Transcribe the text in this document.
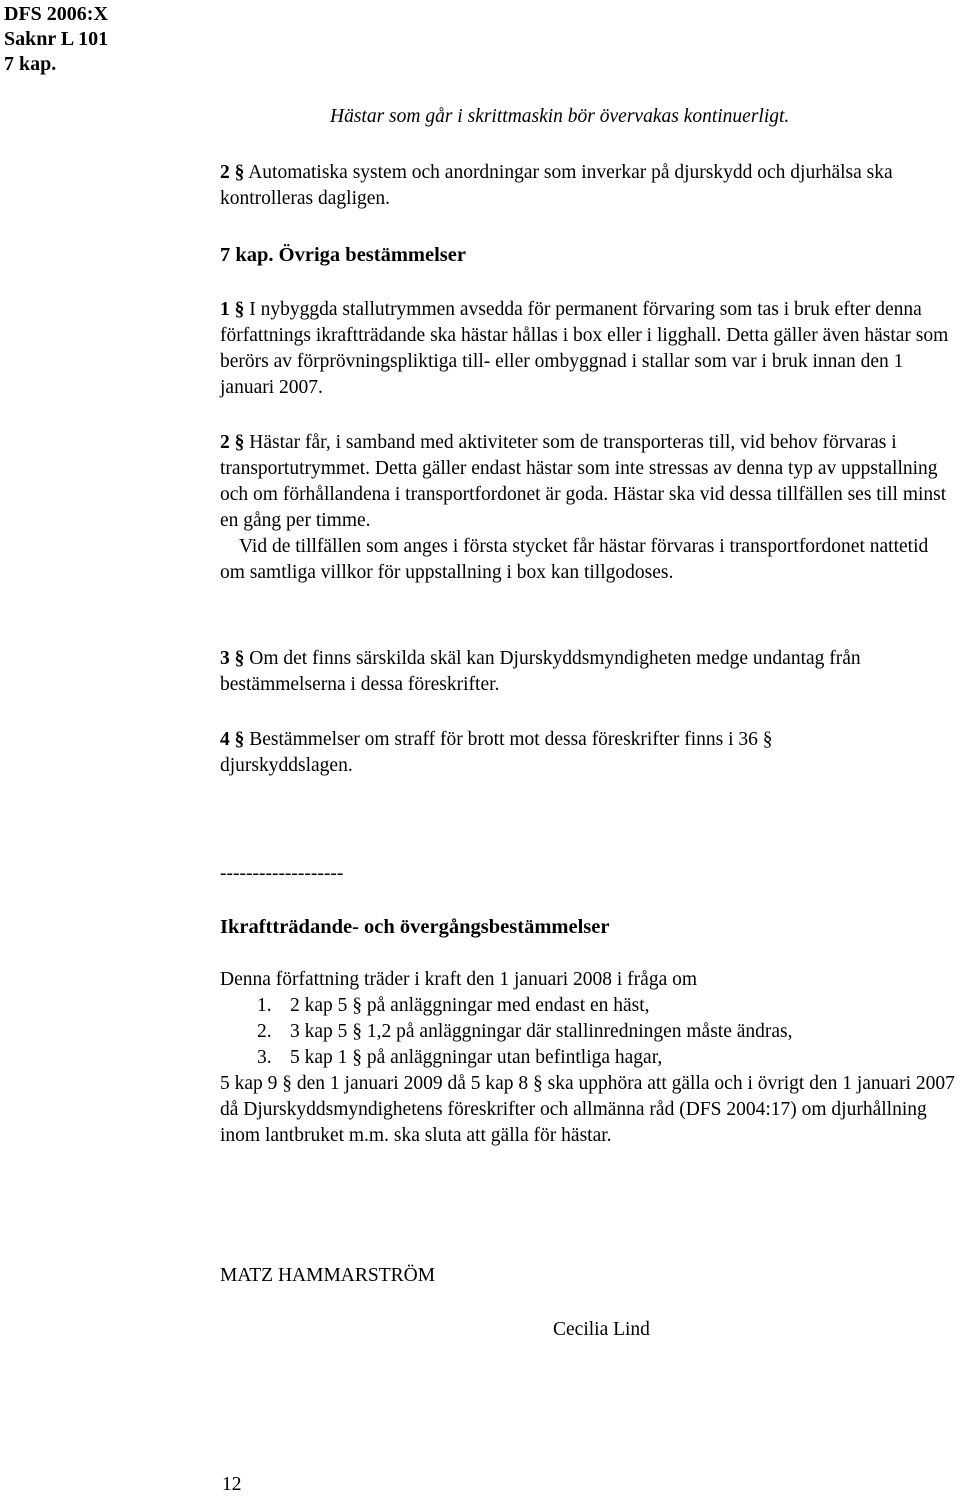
DFS 2006:X
Saknr L 101
7 kap.

Hästar som går i skrittmaskin bör övervakas kontinuerligt.

2 § Automatiska system och anordningar som inverkar på djurskydd och djurhälsa ska kontrolleras dagligen.

7 kap. Övriga bestämmelser

1 § I nybyggda stallutrymmen avsedda för permanent förvaring som tas i bruk efter denna författnings ikraftträdande ska hästar hållas i box eller i ligghall. Detta gäller även hästar som berörs av förprövningspliktiga till- eller ombyggnad i stallar som var i bruk innan den 1 januari 2007.

2 § Hästar får, i samband med aktiviteter som de transporteras till, vid behov förvaras i transportutrymmet. Detta gäller endast hästar som inte stressas av denna typ av uppstallning och om förhållandena i transportfordonet är goda. Hästar ska vid dessa tillfällen ses till minst en gång per timme.

Vid de tillfällen som anges i första stycket får hästar förvaras i transportfordonet nattetid om samtliga villkor för uppstallning i box kan tillgodoses.

3 § Om det finns särskilda skäl kan Djurskyddsmyndigheten medge undantag från bestämmelserna i dessa föreskrifter.

4 § Bestämmelser om straff för brott mot dessa föreskrifter finns i 36 § djurskyddslagen.

-------------------

Ikraftträdande- och övergångsbestämmelser

Denna författning träder i kraft den 1 januari 2008 i fråga om

1. 2 kap 5 § på anläggningar med endast en häst,
2. 3 kap 5 § 1,2 på anläggningar där stallinredningen måste ändras,
3. 5 kap 1 § på anläggningar utan befintliga hagar,

5 kap 9 § den 1 januari 2009 då 5 kap 8 § ska upphöra att gälla och i övrigt den 1 januari 2007 då Djurskyddsmyndighetens föreskrifter och allmänna råd (DFS 2004:17) om djurhållning inom lantbruket m.m. ska sluta att gälla för hästar.

MATZ HAMMARSTRÖM
Cecilia Lind
12
